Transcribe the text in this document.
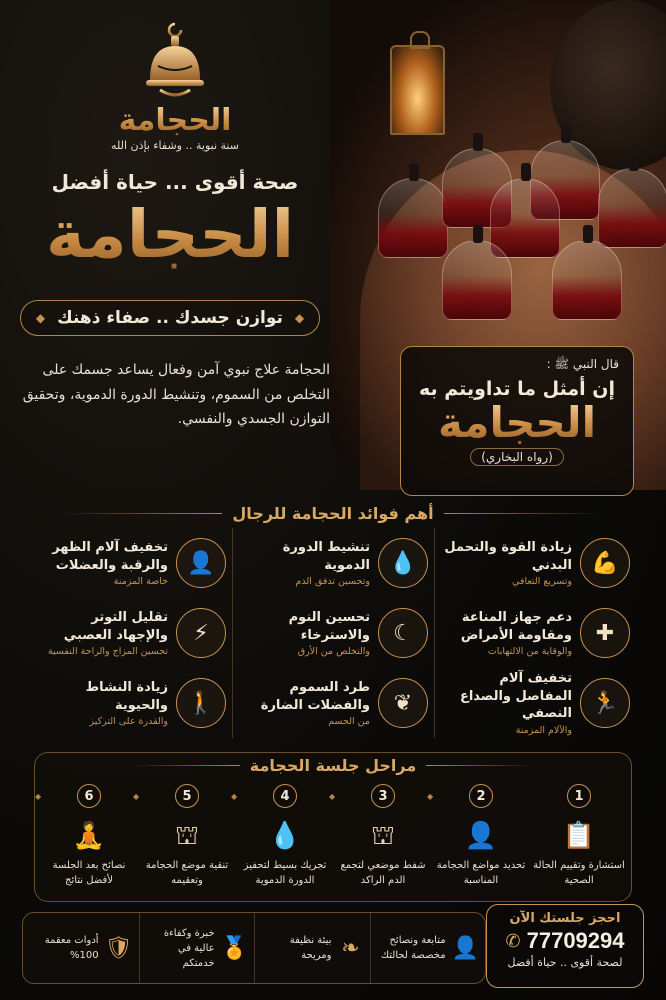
الحجامة
سنة نبوية .. وشفاء بإذن الله
صحة أقوى ... حياة أفضل
الحجامة
◆
توازن جسدك .. صفاء ذهنك
◆

الحجامة علاج نبوي آمن وفعال يساعد جسمك على التخلص من السموم، وتنشيط الدورة الدموية، وتحقيق التوازن الجسدي والنفسي.

قال النبي ﷺ :
إن أمثل ما تداويتم به
الحجامة
(رواه البخاري)
أهم فوائد الحجامة للرجال
💪
زيادة القوة والتحمل البدني
وتسريع التعافي
💧
تنشيط الدورة الدموية
وتحسين تدفق الدم
👤
تخفيف آلام الظهر والرقبة والعضلات
خاصة المزمنة
✚
دعم جهاز المناعة ومقاومة الأمراض
والوقاية من الالتهابات
☾
تحسين النوم والاسترخاء
والتخلص من الأرق
⚡
تقليل التوتر والإجهاد العصبي
تحسين المزاج والراحة النفسية
🏃
تخفيف آلام المفاصل والصداع النصفي
والآلام المزمنة
❦
طرد السموم والفضلات الضارة
من الجسم
🚶
زيادة النشاط والحيوية
والقدرة على التركيز
مراحل جلسة الحجامة
1
📋
استشارة وتقييم الحالة الصحية
◆	2
👤
تحديد مواضع الحجامة المناسبة
◆	3
⛫
شفط موضعي لتجمع الدم الراكد
◆	4
💧
تجريك بسيط لتحفيز الدورة الدموية
◆	5
⛫
تنقية موضع الحجامة وتعقيمه
◆	6
🧘
نصائح بعد الجلسة لأفضل نتائج
👤
متابعة ونصائح مخصصة لحالتك
❧
بيئة نظيفة ومريحة
🏅
خبرة وكفاءة عالية في خدمتكم
🛡
أدوات معقمة 100%
احجز جلستك الآن
77709294
✆
لصحة أقوى .. حياة أفضل
